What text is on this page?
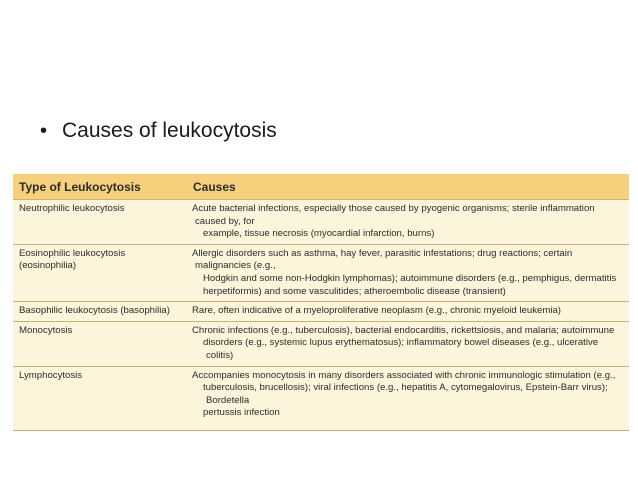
• Causes of leukocytosis
Type of Leukocytosis	Causes
Neutrophilic leukocytosis	Acute bacterial infections, especially those caused by pyogenic organisms; sterile inflammation caused by, for
example, tissue necrosis (myocardial infarction, burns)

Eosinophilic leukocytosis (eosinophilia)	Allergic disorders such as asthma, hay fever, parasitic infestations; drug reactions; certain malignancies (e.g.,
Hodgkin and some non-Hodgkin lymphomas); autoimmune disorders (e.g., pemphigus, dermatitis
herpetiformis) and some vasculitides; atheroembolic disease (transient)

Basophilic leukocytosis (basophilia)	Rare, often indicative of a myeloproliferative neoplasm (e.g., chronic myeloid leukemia)

Monocytosis	Chronic infections (e.g., tuberculosis), bacterial endocarditis, rickettsiosis, and malaria; autoimmune
disorders (e.g., systemic lupus erythematosus); inflammatory bowel diseases (e.g., ulcerative colitis)

Lymphocytosis	Accompanies monocytosis in many disorders associated with chronic immunologic stimulation (e.g.,
tuberculosis, brucellosis); viral infections (e.g., hepatitis A, cytomegalovirus, Epstein-Barr virus); Bordetella
pertussis infection
